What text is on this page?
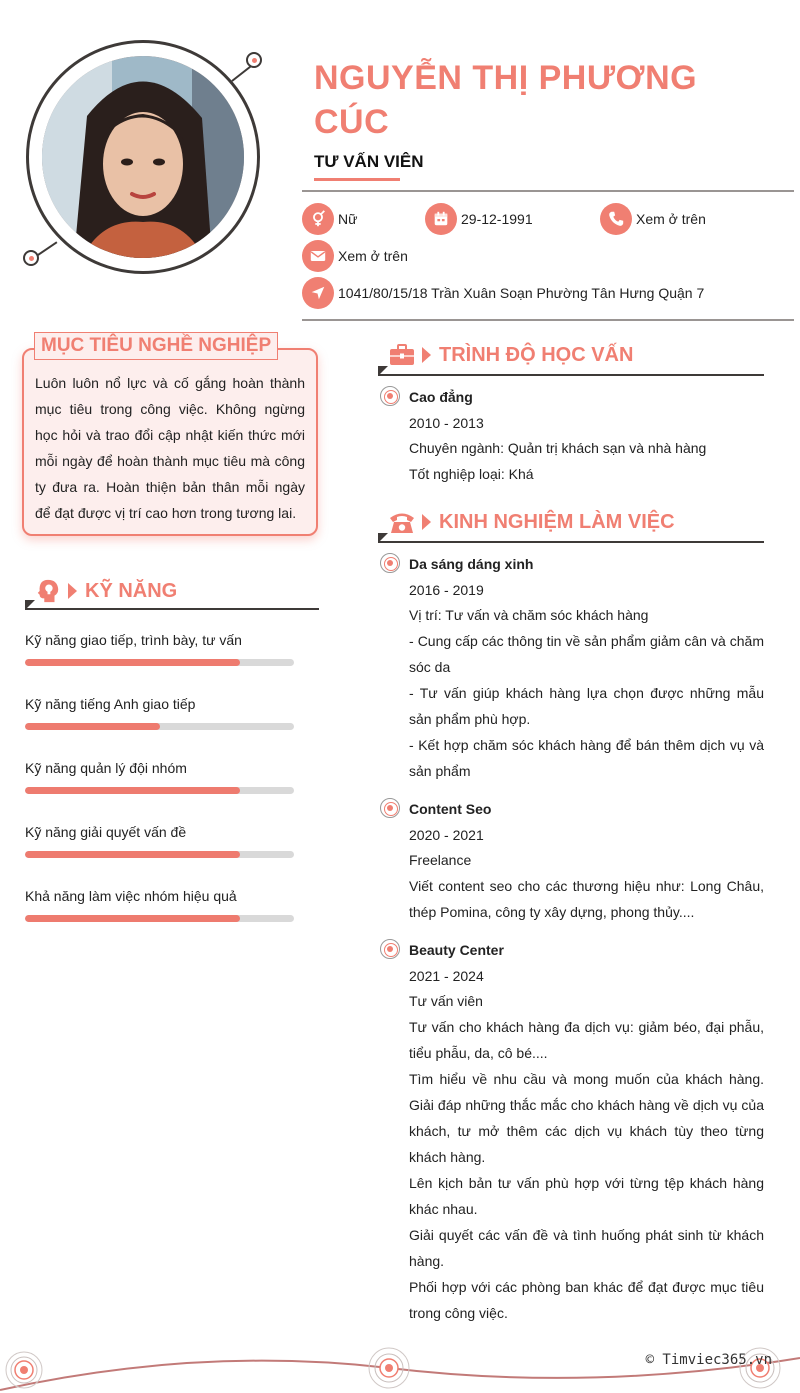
NGUYỄN THỊ PHƯƠNG CÚC
TƯ VẤN VIÊN
Nữ	29-12-1991	Xem ở trên
Xem ở trên
1041/80/15/18 Trần Xuân Soạn Phường Tân Hưng Quận 7
MỤC TIÊU NGHỀ NGHIỆP
Luôn luôn nổ lực và cố gắng hoàn thành mục tiêu trong công việc. Không ngừng học hỏi và trao đổi cập nhật kiến thức mới mỗi ngày để hoàn thành mục tiêu mà công ty đưa ra. Hoàn thiện bản thân mỗi ngày để đạt được vị trí cao hơn trong tương lai.
KỸ NĂNG
Kỹ năng giao tiếp, trình bày, tư vấn
Kỹ năng tiếng Anh giao tiếp
Kỹ năng quản lý đội nhóm
Kỹ năng giải quyết vấn đề
Khả năng làm việc nhóm hiệu quả
TRÌNH ĐỘ HỌC VẤN
KINH NGHIỆM LÀM VIỆC
Cao đẳng
2010 - 2013
Chuyên ngành: Quản trị khách sạn và nhà hàng
Tốt nghiệp loại: Khá
Da sáng dáng xinh
2016 - 2019
Vị trí: Tư vấn và chăm sóc khách hàng
- Cung cấp các thông tin về sản phẩm giảm cân và chăm sóc da
- Tư vấn giúp khách hàng lựa chọn được những mẫu sản phẩm phù hợp.
- Kết hợp chăm sóc khách hàng để bán thêm dịch vụ và sản phẩm
Content Seo
2020 - 2021
Freelance
Viết content seo cho các thương hiệu như: Long Châu, thép Pomina, công ty xây dựng, phong thủy....
Beauty Center
2021 - 2024
Tư vấn viên
Tư vấn cho khách hàng đa dịch vụ: giảm béo, đại phẫu, tiểu phẫu, da, cô bé....
Tìm hiểu về nhu cầu và mong muốn của khách hàng. Giải đáp những thắc mắc cho khách hàng về dịch vụ của khách, tư mở thêm các dịch vụ khách tùy theo từng khách hàng.
Lên kịch bản tư vấn phù hợp với từng tệp khách hàng khác nhau.
Giải quyết các vấn đề và tình huống phát sinh từ khách hàng.
Phối hợp với các phòng ban khác để đạt được mục tiêu trong công việc.
© Timviec365.vn
